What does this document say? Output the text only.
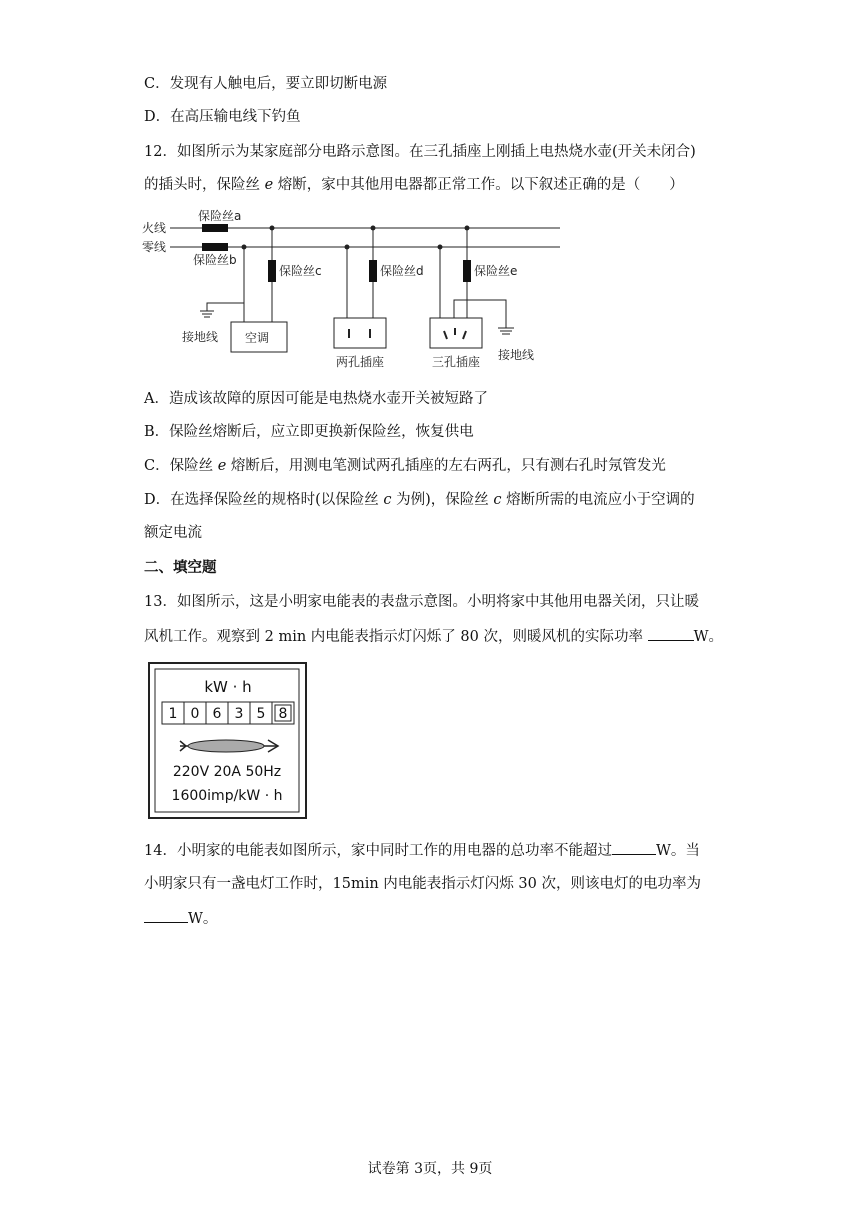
C．发现有人触电后，要立即切断电源
D．在高压输电线下钓鱼
12．如图所示为某家庭部分电路示意图。在三孔插座上刚插上电热烧水壶(开关未闭合)
的插头时，保险丝 e 熔断，家中其他用电器都正常工作。以下叙述正确的是（　　）
火线
零线
保险丝a
保险丝b
保险丝c	保险丝d	保险丝e
接地线
接地线
空调
两孔插座	三孔插座
A．造成该故障的原因可能是电热烧水壶开关被短路了
B．保险丝熔断后，应立即更换新保险丝，恢复供电
C．保险丝 e 熔断后，用测电笔测试两孔插座的左右两孔，只有测右孔时氖管发光
D．在选择保险丝的规格时(以保险丝 c 为例)，保险丝 c 熔断所需的电流应小于空调的
额定电流
二、填空题
13．如图所示，这是小明家电能表的表盘示意图。小明将家中其他用电器关闭，只让暖
风机工作。观察到 2 min 内电能表指示灯闪烁了 80 次，则暖风机的实际功率	W。
kW · h
1 0 6 3 5 8
220V 20A 50Hz
1600imp/kW · h
14．小明家的电能表如图所示，家中同时工作的用电器的总功率不能超过	W。当
小明家只有一盏电灯工作时，15min 内电能表指示灯闪烁 30 次，则该电灯的电功率为
W。
试卷第 3页，共 9页
